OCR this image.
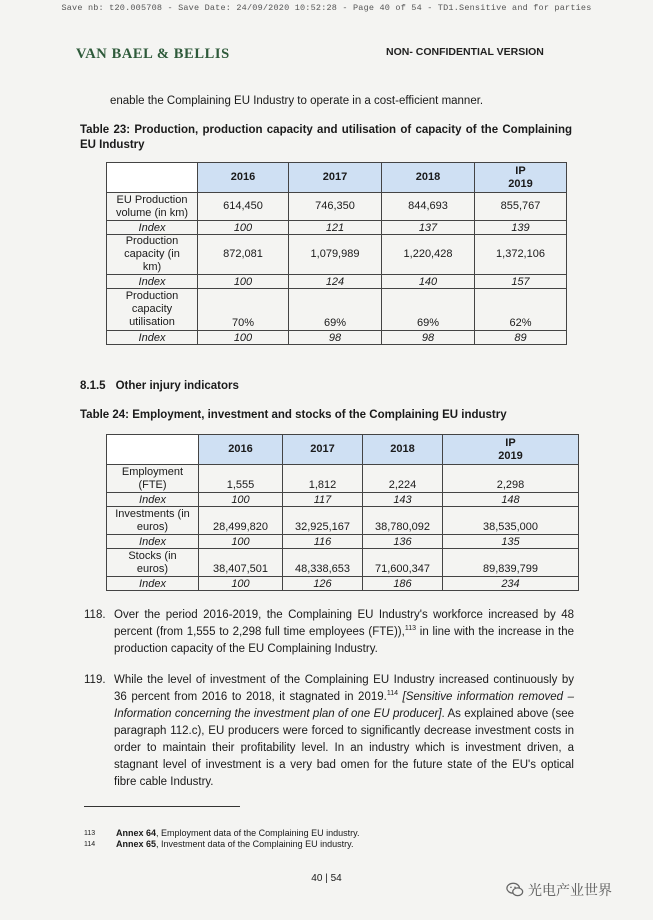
Save nb: t20.005708 - Save Date: 24/09/2020 10:52:28 - Page 40 of 54 - TD1.Sensitive and for parties
VAN BAEL & BELLIS	NON- CONFIDENTIAL VERSION
enable the Complaining EU Industry to operate in a cost-efficient manner.
Table 23: Production, production capacity and utilisation of capacity of the Complaining EU Industry
	2016	2017	2018	IP 2019
EU Production volume (in km)	614,450	746,350	844,693	855,767
Index	100	121	137	139
Production capacity (in km)	872,081	1,079,989	1,220,428	1,372,106
Index	100	124	140	157
Production capacity utilisation	70%	69%	69%	62%
Index	100	98	98	89
8.1.5 Other injury indicators
Table 24: Employment, investment and stocks of the Complaining EU industry
	2016	2017	2018	IP 2019
Employment (FTE)	1,555	1,812	2,224	2,298
Index	100	117	143	148
Investments (in euros)	28,499,820	32,925,167	38,780,092	38,535,000
Index	100	116	136	135
Stocks (in euros)	38,407,501	48,338,653	71,600,347	89,839,799
Index	100	126	186	234
118. Over the period 2016-2019, the Complaining EU Industry's workforce increased by 48 percent (from 1,555 to 2,298 full time employees (FTE)),$^{113}$ in line with the increase in the production capacity of the EU Complaining Industry.
119. While the level of investment of the Complaining EU Industry increased continuously by 36 percent from 2016 to 2018, it stagnated in 2019.$^{114}$ [Sensitive information removed – Information concerning the investment plan of one EU producer]. As explained above (see paragraph 112.c), EU producers were forced to significantly decrease investment costs in order to maintain their profitability level. In an industry which is investment driven, a stagnant level of investment is a very bad omen for the future state of the EU's optical fibre cable Industry.
113 Annex 64, Employment data of the Complaining EU industry.
114 Annex 65, Investment data of the Complaining EU industry.
40 | 54
光电产业世界
